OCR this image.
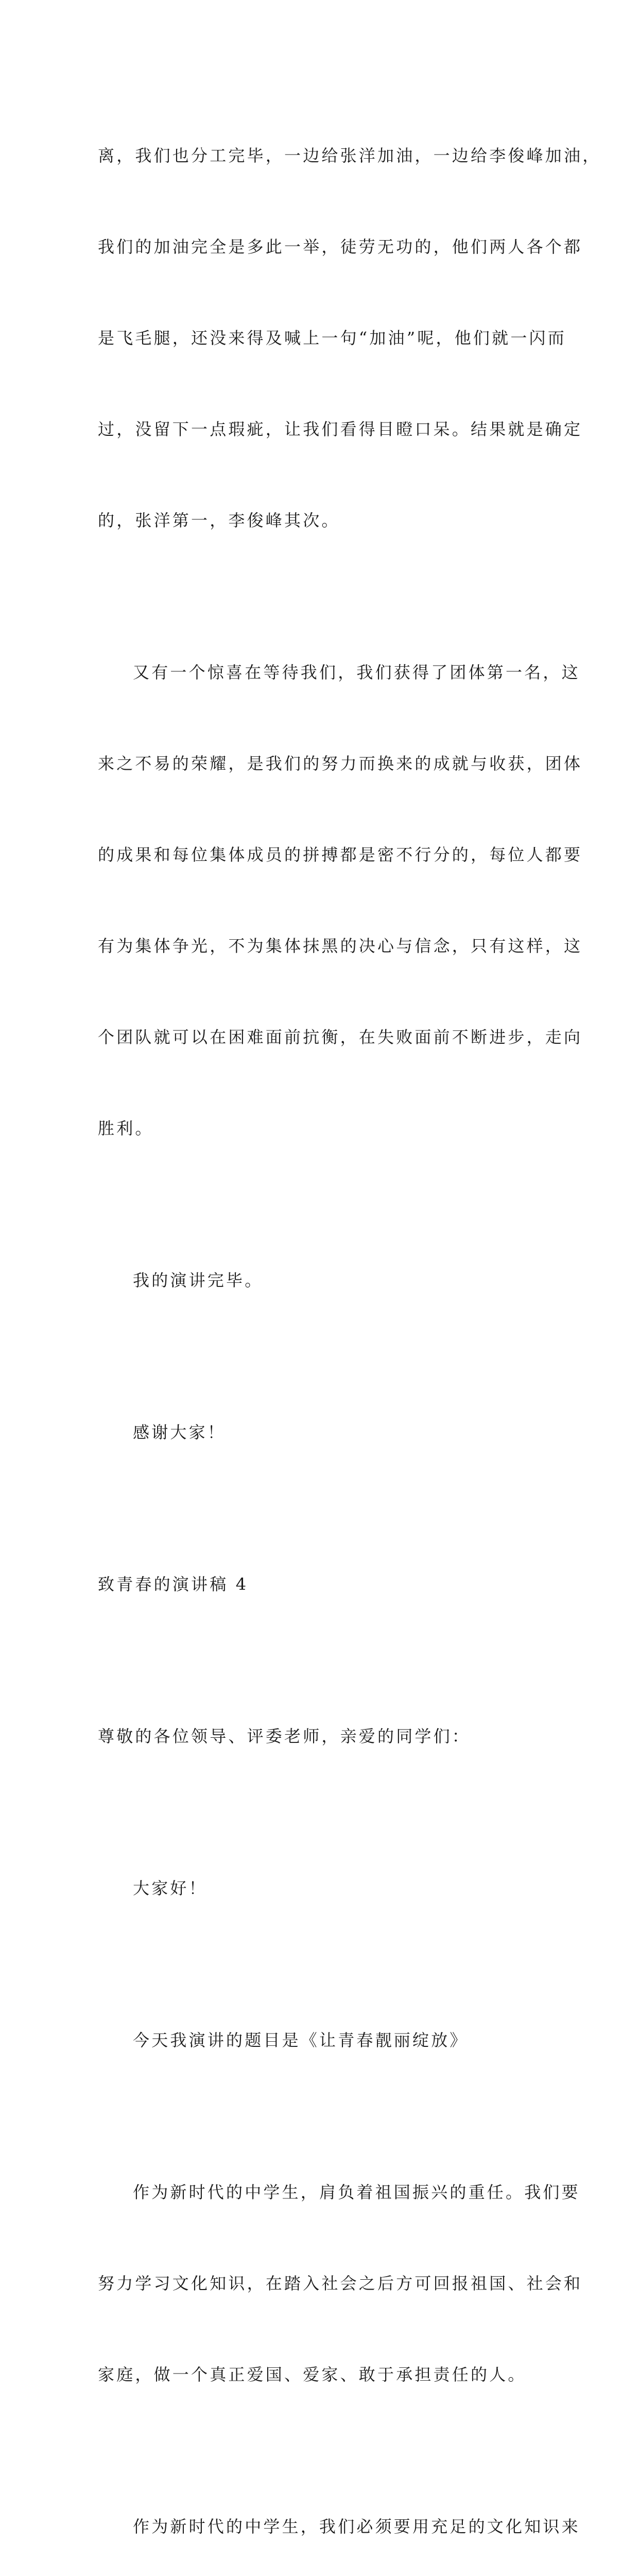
离，我们也分工完毕，一边给张洋加油，一边给李俊峰加油，

我们的加油完全是多此一举，徒劳无功的，他们两人各个都

是飞毛腿，还没来得及喊上一句“加油”呢，他们就一闪而

过，没留下一点瑕疵，让我们看得目瞪口呆。结果就是确定

的，张洋第一，李俊峰其次。

又有一个惊喜在等待我们，我们获得了团体第一名，这

来之不易的荣耀，是我们的努力而换来的成就与收获，团体

的成果和每位集体成员的拼搏都是密不行分的，每位人都要

有为集体争光，不为集体抹黑的决心与信念，只有这样，这

个团队就可以在困难面前抗衡，在失败面前不断进步，走向

胜利。

我的演讲完毕。

感谢大家！

致青春的演讲稿 4

尊敬的各位领导、评委老师，亲爱的同学们：

大家好！

今天我演讲的题目是《让青春靓丽绽放》

作为新时代的中学生，肩负着祖国振兴的重任。我们要

努力学习文化知识，在踏入社会之后方可回报祖国、社会和

家庭，做一个真正爱国、爱家、敢于承担责任的人。

作为新时代的中学生，我们必须要用充足的文化知识来
